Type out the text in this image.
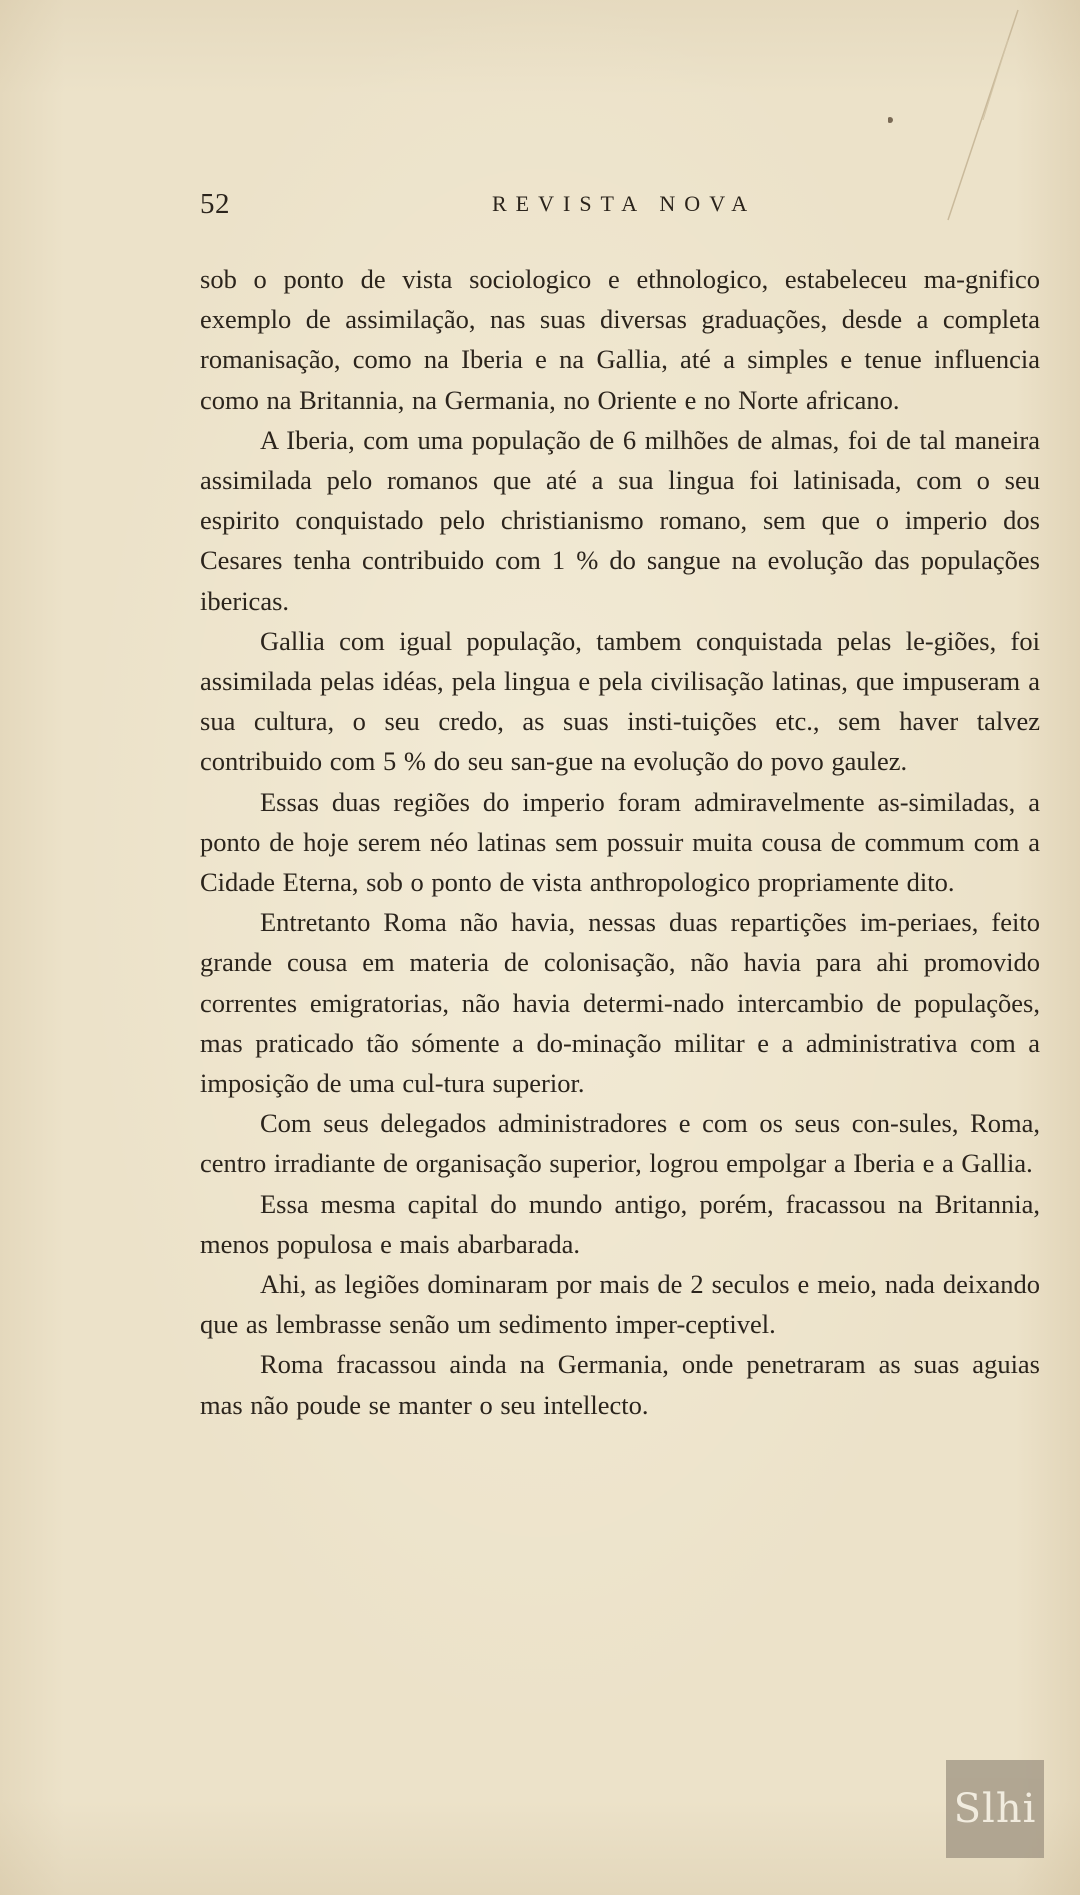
52	REVISTA NOVA

sob o ponto de vista sociologico e ethnologico, estabeleceu ma-gnifico exemplo de assimilação, nas suas diversas graduações, desde a completa romanisação, como na Iberia e na Gallia, até a simples e tenue influencia como na Britannia, na Germania, no Oriente e no Norte africano.

A Iberia, com uma população de 6 milhões de almas, foi de tal maneira assimilada pelo romanos que até a sua lingua foi latinisada, com o seu espirito conquistado pelo christianismo romano, sem que o imperio dos Cesares tenha contribuido com 1 % do sangue na evolução das populações ibericas.

Gallia com igual população, tambem conquistada pelas le-giões, foi assimilada pelas idéas, pela lingua e pela civilisação latinas, que impuseram a sua cultura, o seu credo, as suas insti-tuições etc., sem haver talvez contribuido com 5 % do seu san-gue na evolução do povo gaulez.

Essas duas regiões do imperio foram admiravelmente as-similadas, a ponto de hoje serem néo latinas sem possuir muita cousa de commum com a Cidade Eterna, sob o ponto de vista anthropologico propriamente dito.

Entretanto Roma não havia, nessas duas repartições im-periaes, feito grande cousa em materia de colonisação, não havia para ahi promovido correntes emigratorias, não havia determi-nado intercambio de populações, mas praticado tão sómente a do-minação militar e a administrativa com a imposição de uma cul-tura superior.

Com seus delegados administradores e com os seus con-sules, Roma, centro irradiante de organisação superior, logrou empolgar a Iberia e a Gallia.

Essa mesma capital do mundo antigo, porém, fracassou na Britannia, menos populosa e mais abarbarada.

Ahi, as legiões dominaram por mais de 2 seculos e meio, nada deixando que as lembrasse senão um sedimento imper-ceptivel.

Roma fracassou ainda na Germania, onde penetraram as suas aguias mas não poude se manter o seu intellecto.

Slhi
